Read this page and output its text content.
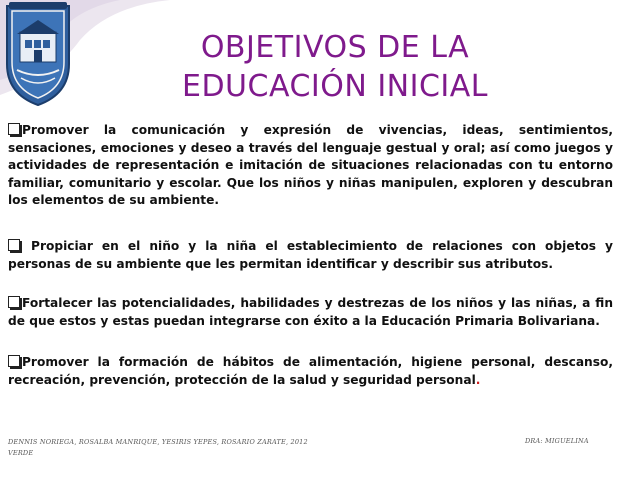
OBJETIVOS DE LA
EDUCACIÓN INICIAL

Promover la comunicación y expresión de vivencias, ideas, sentimientos, sensaciones, emociones y deseo a través del lenguaje gestual y oral; así como juegos y actividades de representación e imitación de situaciones relacionadas con tu entorno familiar, comunitario y escolar. Que los niños y niñas manipulen, exploren y descubran los elementos de su ambiente.

Propiciar en el niño y la niña el establecimiento de relaciones con objetos y personas de su ambiente que les permitan identificar y describir sus atributos.

Fortalecer las potencialidades, habilidades y destrezas de los niños y las niñas, a fin de que estos y estas puedan integrarse con éxito a la Educación Primaria Bolivariana.

Promover la formación de hábitos de alimentación, higiene personal, descanso, recreación, prevención, protección de la salud y seguridad personal.

DENNIS NORIEGA, ROSALBA MANRIQUE, YESIRIS YEPES, ROSARIO ZARATE, 2012 VERDE
DRA: MIGUELINA
